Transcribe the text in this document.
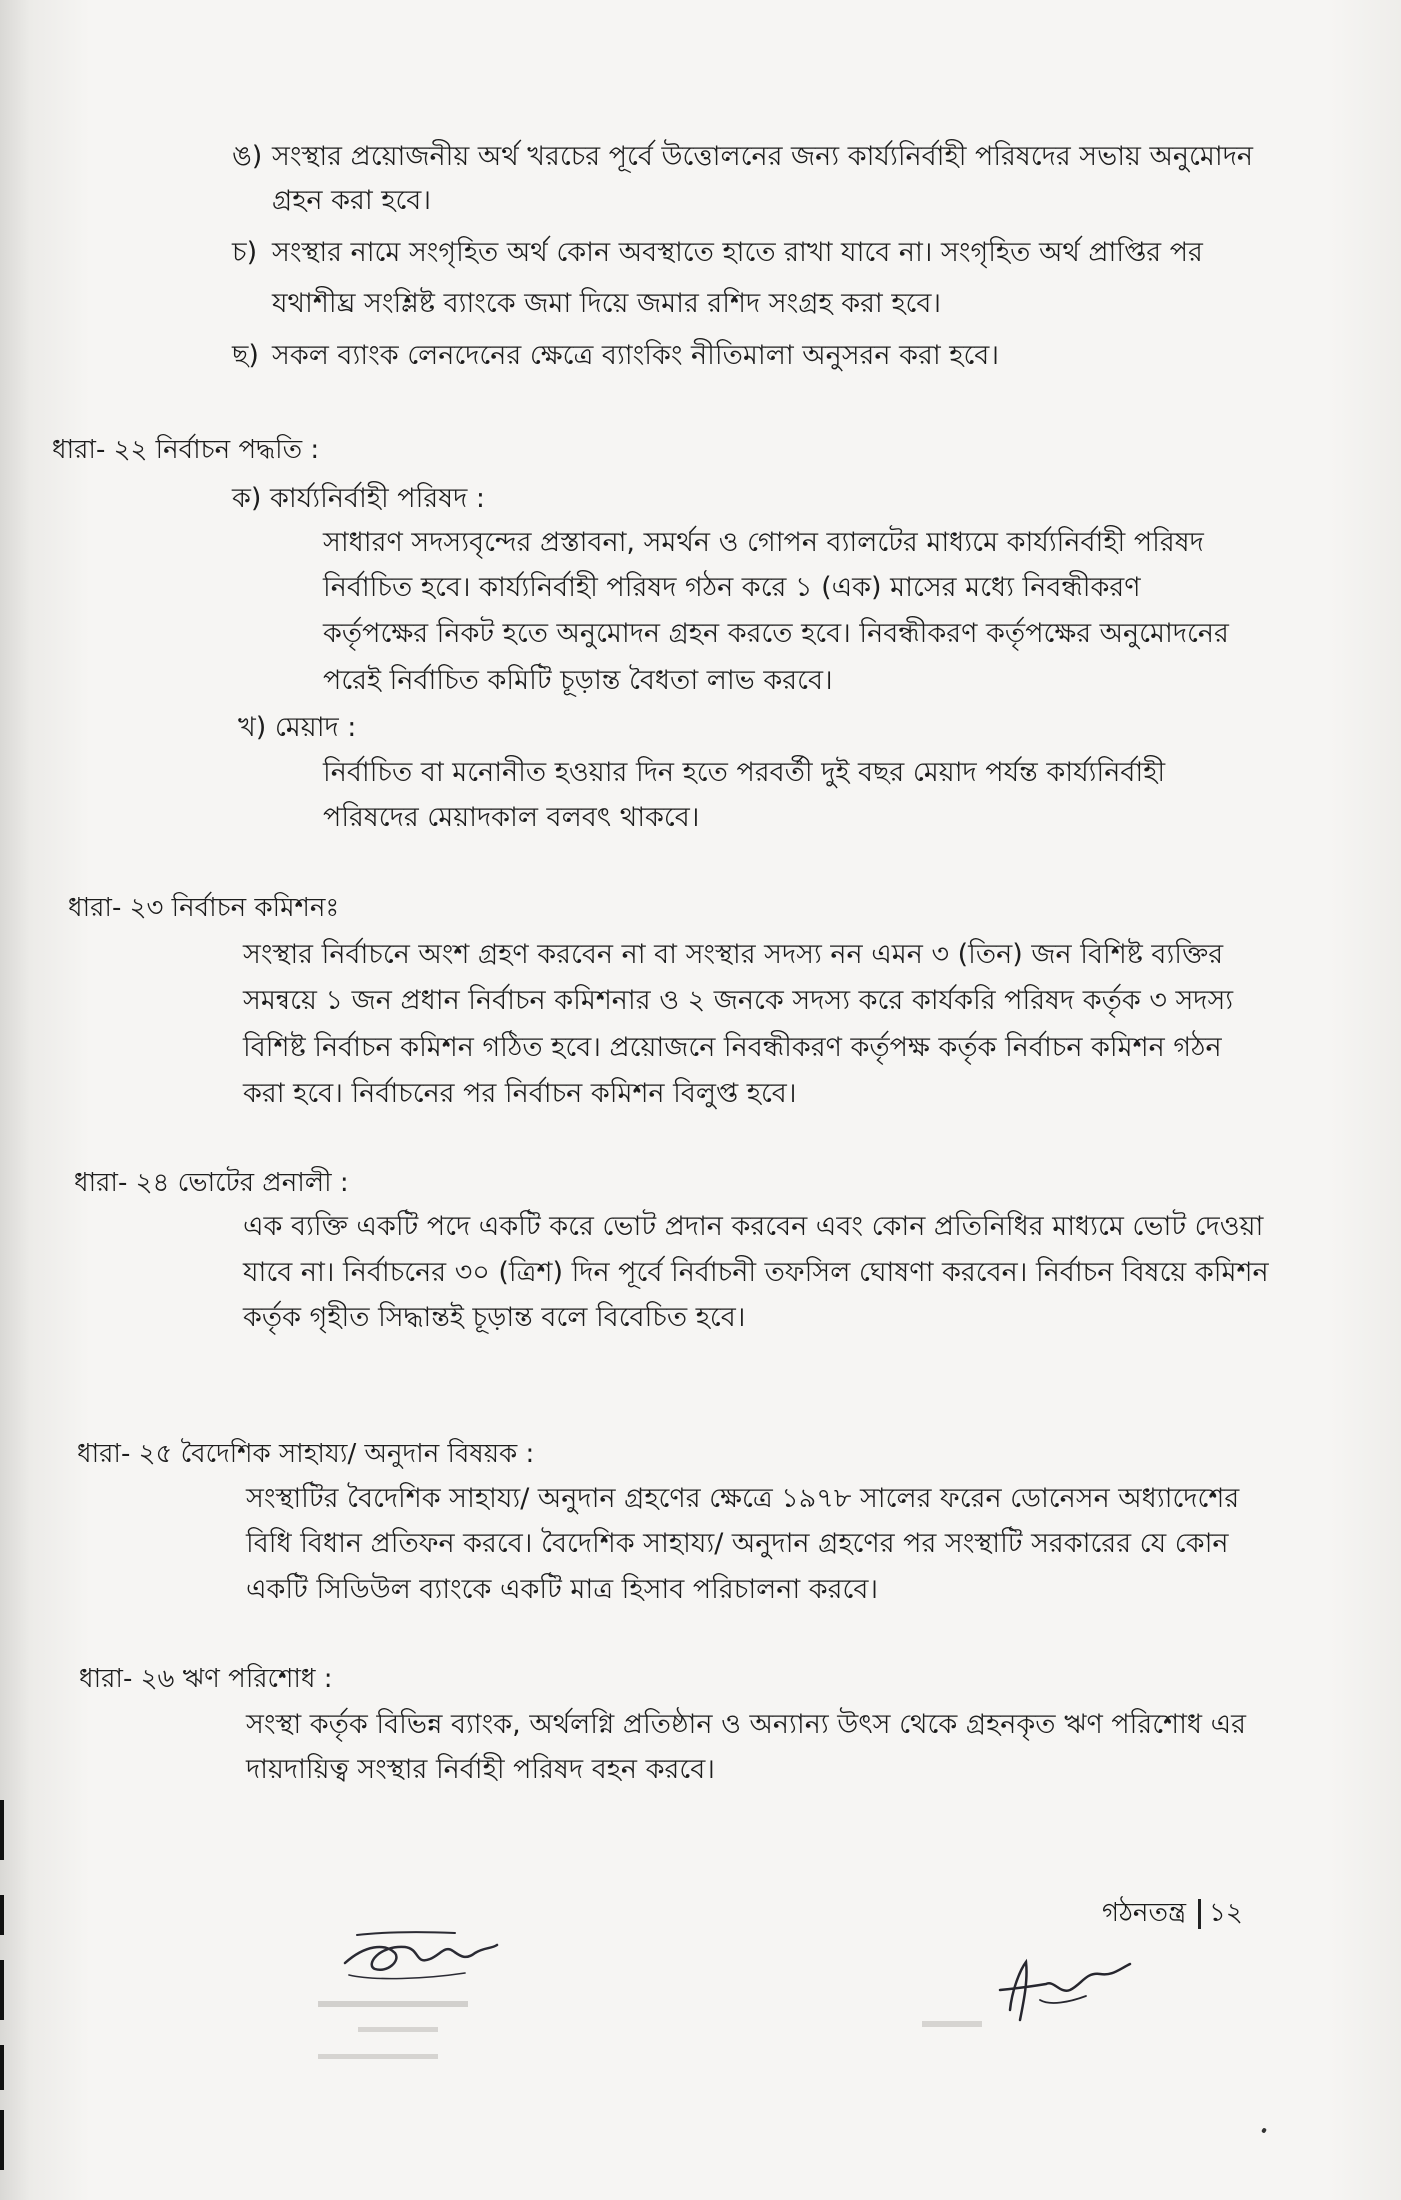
ঙ) সংস্থার প্রয়োজনীয় অর্থ খরচের পূর্বে উত্তোলনের জন্য কার্য্যনির্বাহী পরিষদের সভায় অনুমোদন
গ্রহন করা হবে।
চ) সংস্থার নামে সংগৃহিত অর্থ কোন অবস্থাতে হাতে রাখা যাবে না। সংগৃহিত অর্থ প্রাপ্তির পর
যথাশীঘ্র সংশ্লিষ্ট ব্যাংকে জমা দিয়ে জমার রশিদ সংগ্রহ করা হবে।
ছ) সকল ব্যাংক লেনদেনের ক্ষেত্রে ব্যাংকিং নীতিমালা অনুসরন করা হবে।
ধারা- ২২ নির্বাচন পদ্ধতি :
ক) কার্য্যনির্বাহী পরিষদ :
সাধারণ সদস্যবৃন্দের প্রস্তাবনা, সমর্থন ও গোপন ব্যালটের মাধ্যমে কার্য্যনির্বাহী পরিষদ
নির্বাচিত হবে। কার্য্যনির্বাহী পরিষদ গঠন করে ১ (এক) মাসের মধ্যে নিবন্ধীকরণ
কর্তৃপক্ষের নিকট হতে অনুমোদন গ্রহন করতে হবে। নিবন্ধীকরণ কর্তৃপক্ষের অনুমোদনের
পরেই নির্বাচিত কমিটি চূড়ান্ত বৈধতা লাভ করবে।
খ) মেয়াদ :
নির্বাচিত বা মনোনীত হওয়ার দিন হতে পরবর্তী দুই বছর মেয়াদ পর্যন্ত কার্য্যনির্বাহী
পরিষদের মেয়াদকাল বলবৎ থাকবে।
ধারা- ২৩ নির্বাচন কমিশনঃ
সংস্থার নির্বাচনে অংশ গ্রহণ করবেন না বা সংস্থার সদস্য নন এমন ৩ (তিন) জন বিশিষ্ট ব্যক্তির
সমন্বয়ে ১ জন প্রধান নির্বাচন কমিশনার ও ২ জনকে সদস্য করে কার্যকরি পরিষদ কর্তৃক ৩ সদস্য
বিশিষ্ট নির্বাচন কমিশন গঠিত হবে। প্রয়োজনে নিবন্ধীকরণ কর্তৃপক্ষ কর্তৃক নির্বাচন কমিশন গঠন
করা হবে। নির্বাচনের পর নির্বাচন কমিশন বিলুপ্ত হবে।
ধারা- ২৪ ভোটের প্রনালী :
এক ব্যক্তি একটি পদে একটি করে ভোট প্রদান করবেন এবং কোন প্রতিনিধির মাধ্যমে ভোট দেওয়া
যাবে না। নির্বাচনের ৩০ (ত্রিশ) দিন পূর্বে নির্বাচনী তফসিল ঘোষণা করবেন। নির্বাচন বিষয়ে কমিশন
কর্তৃক গৃহীত সিদ্ধান্তই চূড়ান্ত বলে বিবেচিত হবে।
ধারা- ২৫ বৈদেশিক সাহায্য/ অনুদান বিষয়ক :
সংস্থাটির বৈদেশিক সাহায্য/ অনুদান গ্রহণের ক্ষেত্রে ১৯৭৮ সালের ফরেন ডোনেসন অধ্যাদেশের
বিধি বিধান প্রতিফন করবে। বৈদেশিক সাহায্য/ অনুদান গ্রহণের পর সংস্থাটি সরকারের যে কোন
একটি সিডিউল ব্যাংকে একটি মাত্র হিসাব পরিচালনা করবে।
ধারা- ২৬ ঋণ পরিশোধ :
সংস্থা কর্তৃক বিভিন্ন ব্যাংক, অর্থলগ্নি প্রতিষ্ঠান ও অন্যান্য উৎস থেকে গ্রহনকৃত ঋণ পরিশোধ এর
দায়দায়িত্ব সংস্থার নির্বাহী পরিষদ বহন করবে।
গঠনতন্ত্র ১২
